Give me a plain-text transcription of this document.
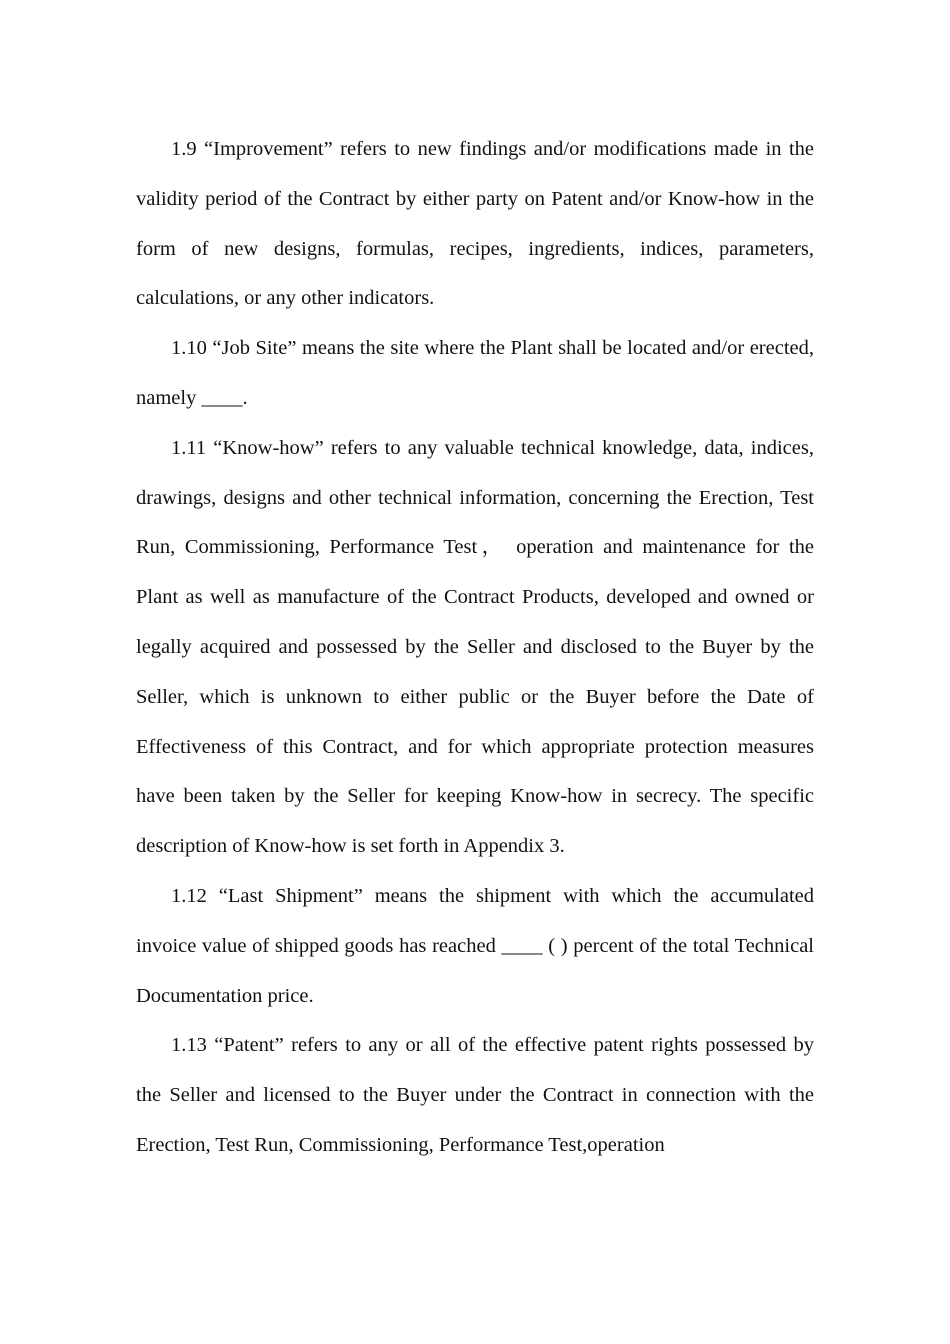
1.9 “Improvement” refers to new findings and/or modifications made in the validity period of the Contract by either party on Patent and/or Know-how in the form of new designs, formulas, recipes, ingredients, indices, parameters, calculations, or any other indicators.

1.10 “Job Site” means the site where the Plant shall be located and/or erected, namely ____.

1.11 “Know-how” refers to any valuable technical knowledge, data, indices, drawings, designs and other technical information, concerning the Erection, Test Run, Commissioning, Performance Test， operation and maintenance for the Plant as well as manufacture of the Contract Products, developed and owned or legally acquired and possessed by the Seller and disclosed to the Buyer by the Seller, which is unknown to either public or the Buyer before the Date of Effectiveness of this Contract, and for which appropriate protection measures have been taken by the Seller for keeping Know-how in secrecy. The specific description of Know-how is set forth in Appendix 3.

1.12 “Last Shipment” means the shipment with which the accumulated invoice value of shipped goods has reached ____ ( ) percent of the total Technical Documentation price.

1.13 “Patent” refers to any or all of the effective patent rights possessed by the Seller and licensed to the Buyer under the Contract in connection with the Erection, Test Run, Commissioning, Performance Test,operation
